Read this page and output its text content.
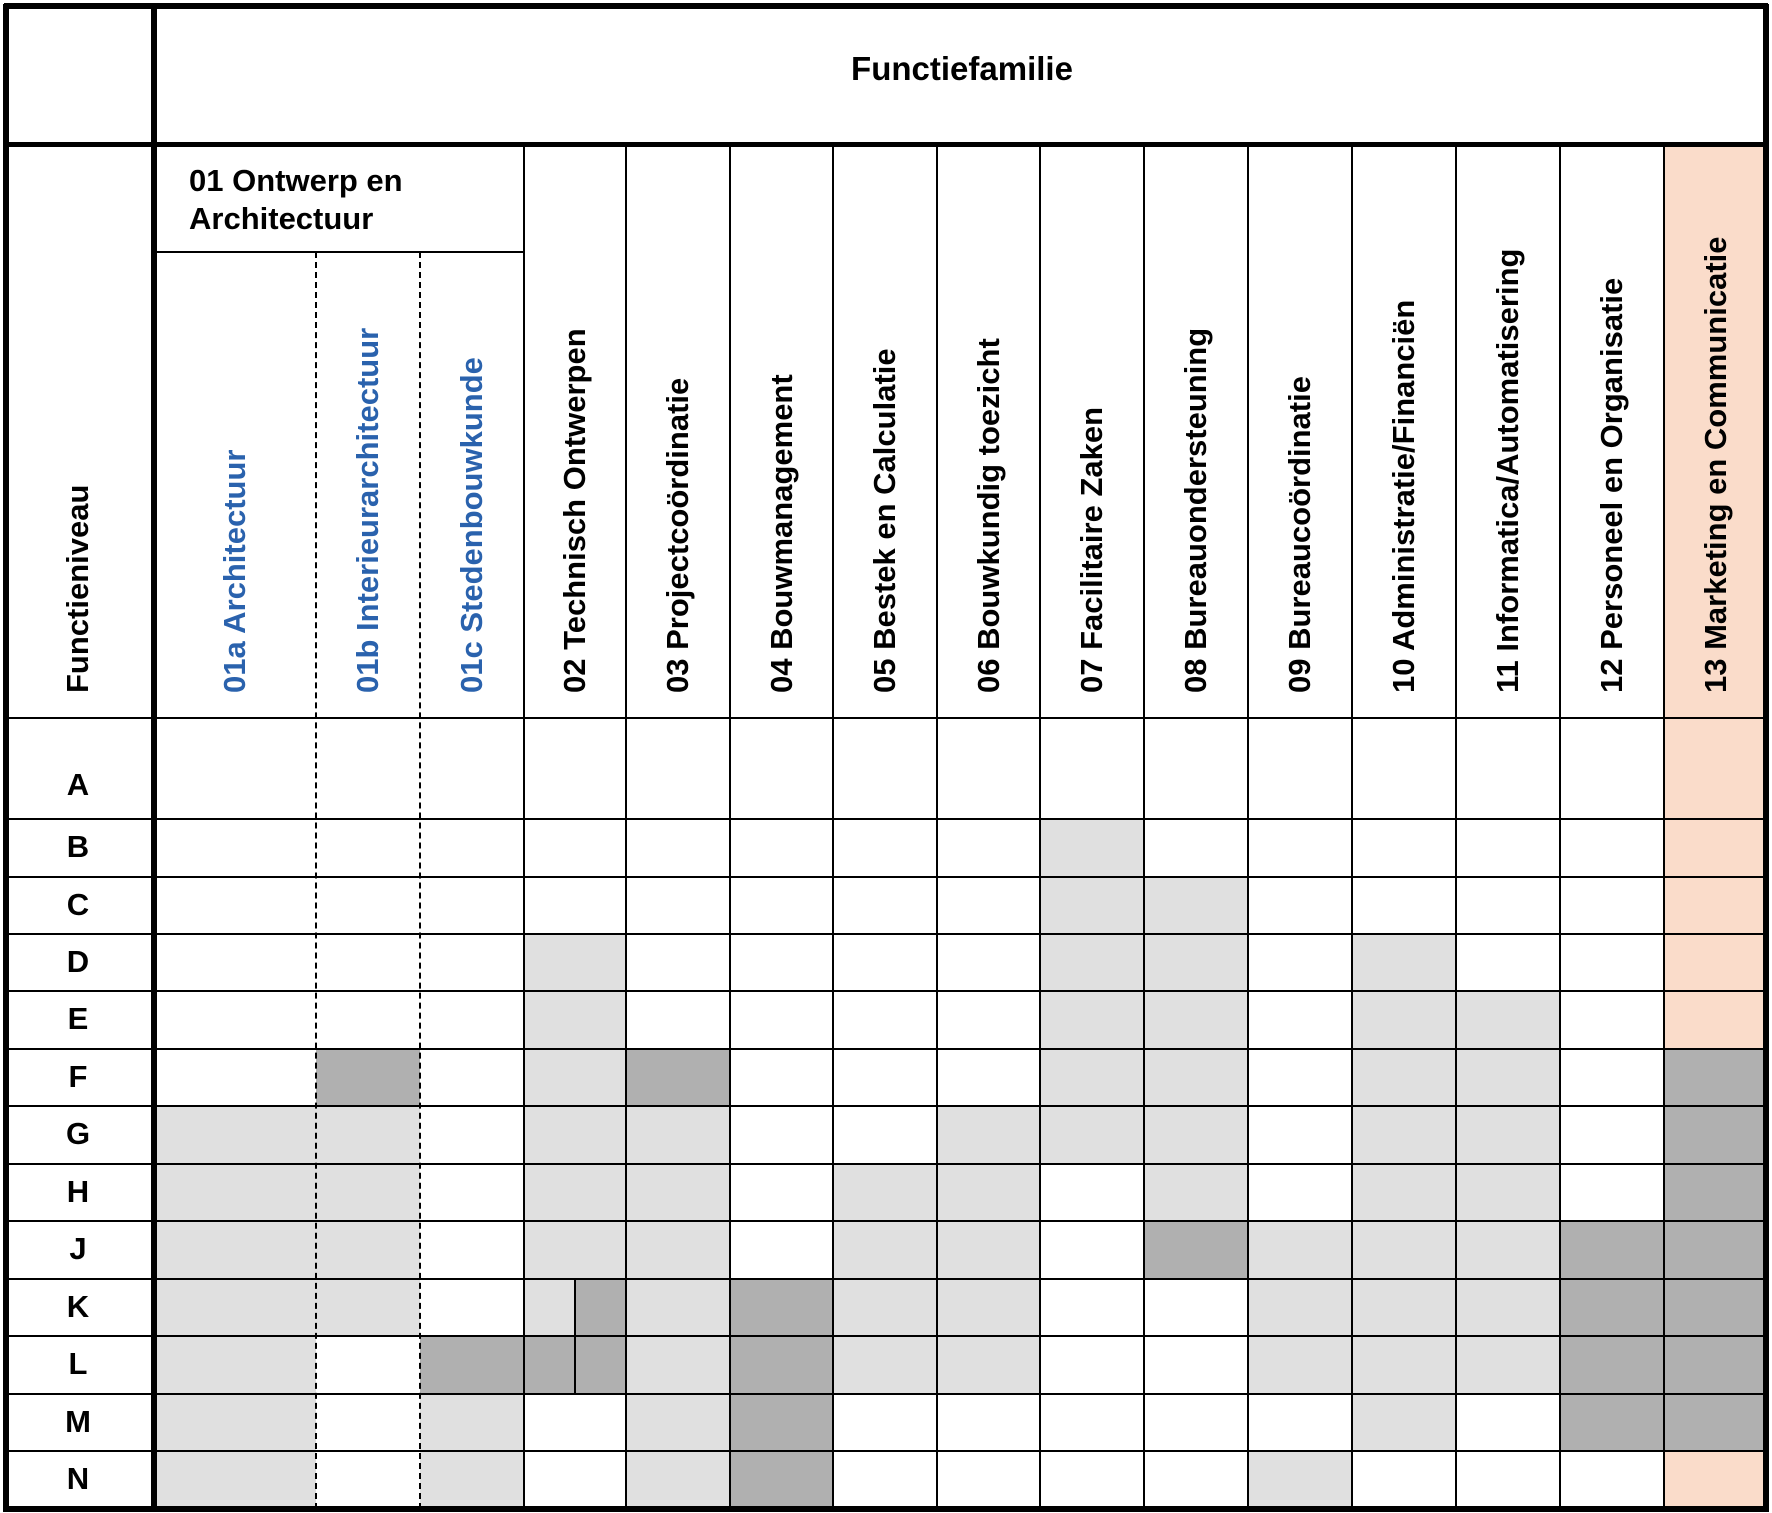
Functiefamilie
01 Ontwerp en
Architectuur
Functieniveau	01a Architectuur	01b Interieurarchitectuur 01c Stedenbouwkunde 02 Technisch Ontwerpen 03 Projectcoördinatie 04 Bouwmanagement 05 Bestek en Calculatie 06 Bouwkundig toezicht 07 Facilitaire Zaken 08 Bureauondersteuning 09 Bureaucoördinatie 10 Administratie/Financiën 11 Informatica/Automatisering 12 Personeel en Organisatie 13 Marketing en Communicatie
A
B
C
D
E
F
G
H
J
K
L
M
N
